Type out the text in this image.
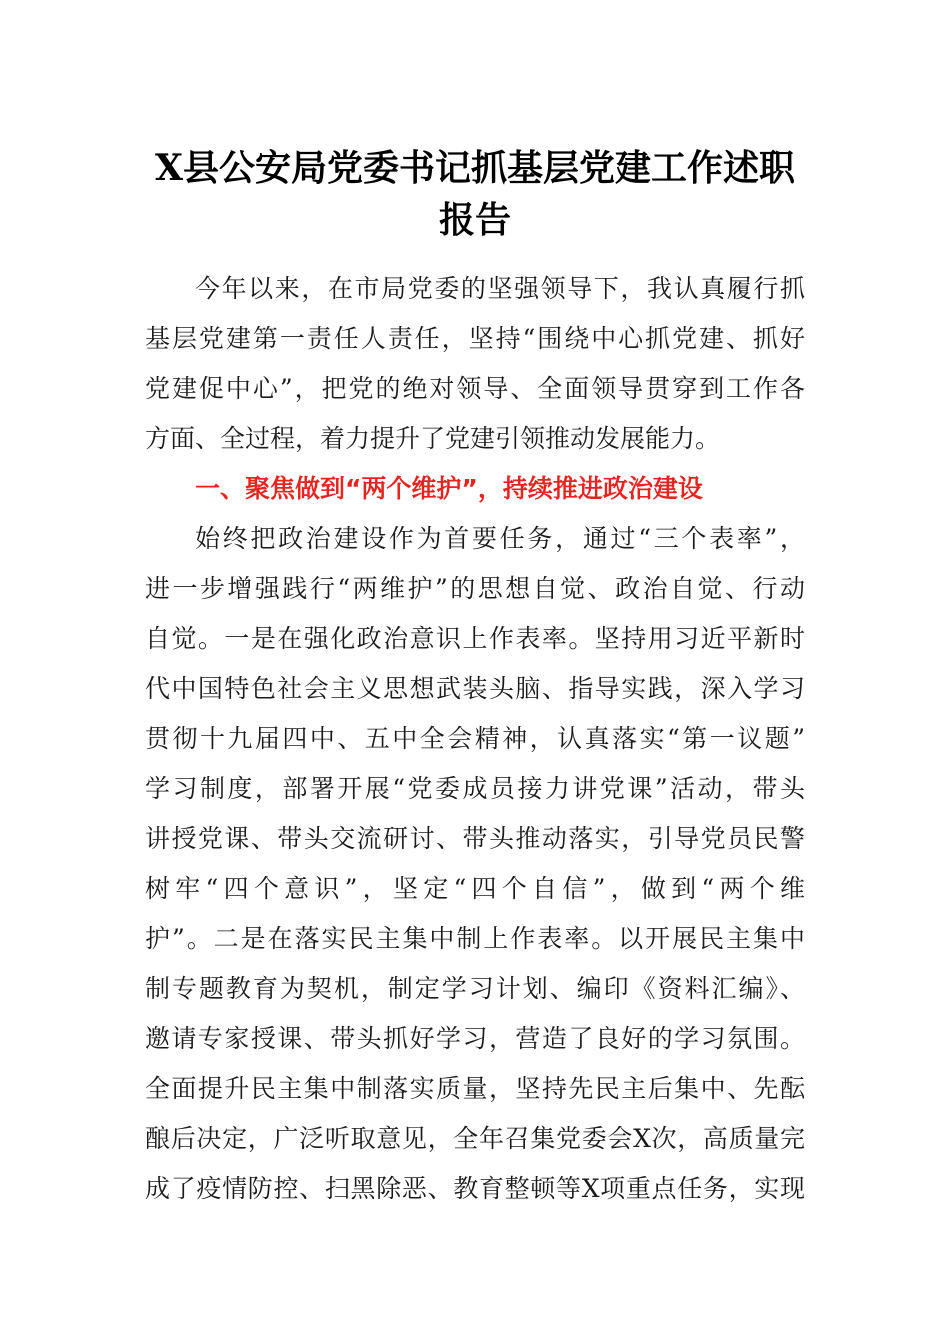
X县公安局党委书记抓基层党建工作述职
报告
今年以来，在市局党委的坚强领导下，我认真履行抓
基层党建第一责任人责任，坚持“围绕中心抓党建、抓好
党建促中心”，把党的绝对领导、全面领导贯穿到工作各
方面、全过程，着力提升了党建引领推动发展能力。
一、聚焦做到“两个维护”，持续推进政治建设
始终把政治建设作为首要任务，通过“三个表率”，
进一步增强践行“两维护”的思想自觉、政治自觉、行动
自觉。一是在强化政治意识上作表率。坚持用习近平新时
代中国特色社会主义思想武装头脑、指导实践，深入学习
贯彻十九届四中、五中全会精神，认真落实“第一议题”
学习制度，部署开展“党委成员接力讲党课”活动，带头
讲授党课、带头交流研讨、带头推动落实，引导党员民警
树牢“四个意识”，坚定“四个自信”，做到“两个维
护”。二是在落实民主集中制上作表率。以开展民主集中
制专题教育为契机，制定学习计划、编印《资料汇编》、
邀请专家授课、带头抓好学习，营造了良好的学习氛围。
全面提升民主集中制落实质量，坚持先民主后集中、先酝
酿后决定，广泛听取意见，全年召集党委会X次，高质量完
成了疫情防控、扫黑除恶、教育整顿等X项重点任务，实现
